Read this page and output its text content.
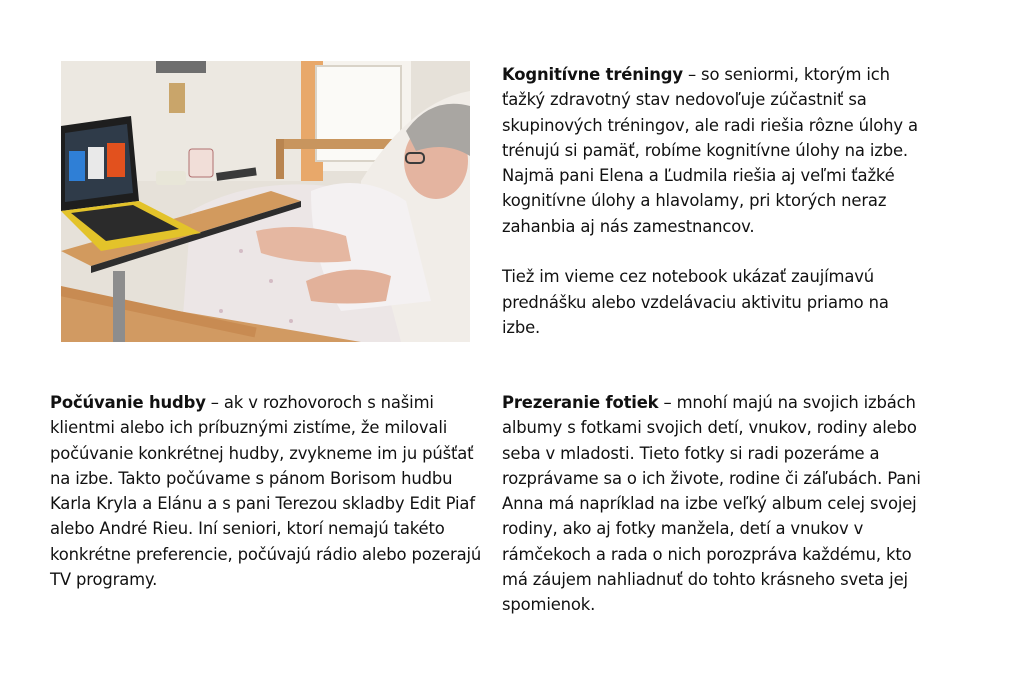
Kognitívne tréningy – so seniormi, ktorým ich ťažký zdravotný stav nedovoľuje zúčastniť sa skupinových tréningov, ale radi riešia rôzne úlohy a trénujú si pamäť, robíme kognitívne úlohy na izbe. Najmä pani Elena a Ľudmila riešia aj veľmi ťažké kognitívne úlohy a hlavolamy, pri ktorých neraz zahanbia aj nás zamestnancov.

Tiež im vieme cez notebook ukázať zaujímavú prednášku alebo vzdelávaciu aktivitu priamo na izbe.

Počúvanie hudby – ak v rozhovoroch s našimi klientmi alebo ich príbuznými zistíme, že milovali počúvanie konkrétnej hudby, zvykneme im ju púšťať na izbe. Takto počúvame s pánom Borisom hudbu Karla Kryla a Elánu a s pani Terezou skladby Edit Piaf alebo André Rieu. Iní seniori, ktorí nemajú takéto konkrétne preferencie, počúvajú rádio alebo pozerajú TV programy.

Prezeranie fotiek – mnohí majú na svojich izbách albumy s fotkami svojich detí, vnukov, rodiny alebo seba v mladosti. Tieto fotky si radi pozeráme a rozprávame sa o ich živote, rodine či záľubách. Pani Anna má napríklad na izbe veľký album celej svojej rodiny, ako aj fotky manžela, detí a vnukov v rámčekoch a rada o nich porozpráva každému, kto má záujem nahliadnuť do tohto krásneho sveta jej spomienok.
